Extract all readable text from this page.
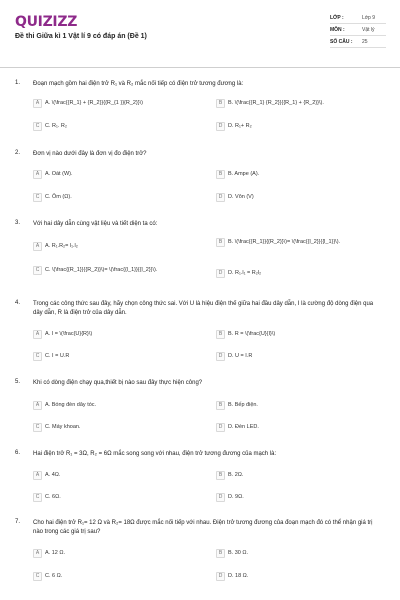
QUIZIZZ
Đề thi Giữa kì 1 Vật lí 9 có đáp án (Đề 1)
LỚP :	Lớp 9
MÔN :	Vật lý
SỐ CÂU : 25
1. Đoạn mạch gồm hai điện trở R₁ và R₂ mắc nối tiếp có điện trở tương đương là:
A	A. \(\frac{{R_1} + {R_2}}{{R_{1 }}{R_2}}\)	B	B. \(\frac{{R_1} {R_2}}{{R_1} + {R_2}}\).
C	C. R₁. R₂	D	D. R₁+ R₂
2. Đơn vị nào dưới đây là đơn vị đo điện trở?
A	A. Oát (W).	B	B. Ampe (A).
C	C. Ôm (Ω).	D	D. Vôn (V)
3. Với hai dây dẫn cùng vật liệu và tiết diện ta có:
A	A. R₁.R₂= l₁.l₂
B	B. \(\frac{{R_1}}{{R_2}}\)= \(\frac{{l_2}}{{l_1}}\).
C	C. \(\frac{{R_1}}{{R_2}}\)= \(\frac{{l_1}}{{l_2}}\).	D	D. R₁.l₁ = R₂l₂
4. Trong các công thức sau đây, hãy chọn công thức sai. Với U là hiệu điện thế giữa hai đầu dây dẫn, I là cường độ dòng điện qua dây dẫn, R là điện trở của dây dẫn.
A	A. I = \(\frac{U}{R}\)	B	B. R = \(\frac{U}{I}\)
C	C. I = U.R	D	D. U = I.R
5. Khi có dòng điện chạy qua,thiết bị nào sau đây thực hiện công?
A	A. Bóng đèn dây tóc.	B	B. Bếp điện.
C	C. Máy khoan.	D	D. Đèn LED.
6. Hai điện trở R₁ = 3Ω, R₂ = 6Ω mắc song song với nhau, điện trở tương đương của mạch là:
A	A. 4Ω.	B	B. 2Ω.
C	C. 6Ω.	D	D. 9Ω.
7. Cho hai điện trở R₁= 12 Ω và R₂= 18Ω được mắc nối tiếp với nhau. Điện trở tương đương của đoạn mạch đó có thể nhận giá trị nào trong các giá trị sau?
A	A. 12 Ω.	B	B. 30 Ω.
C	C. 6 Ω.	D	D. 18 Ω.
